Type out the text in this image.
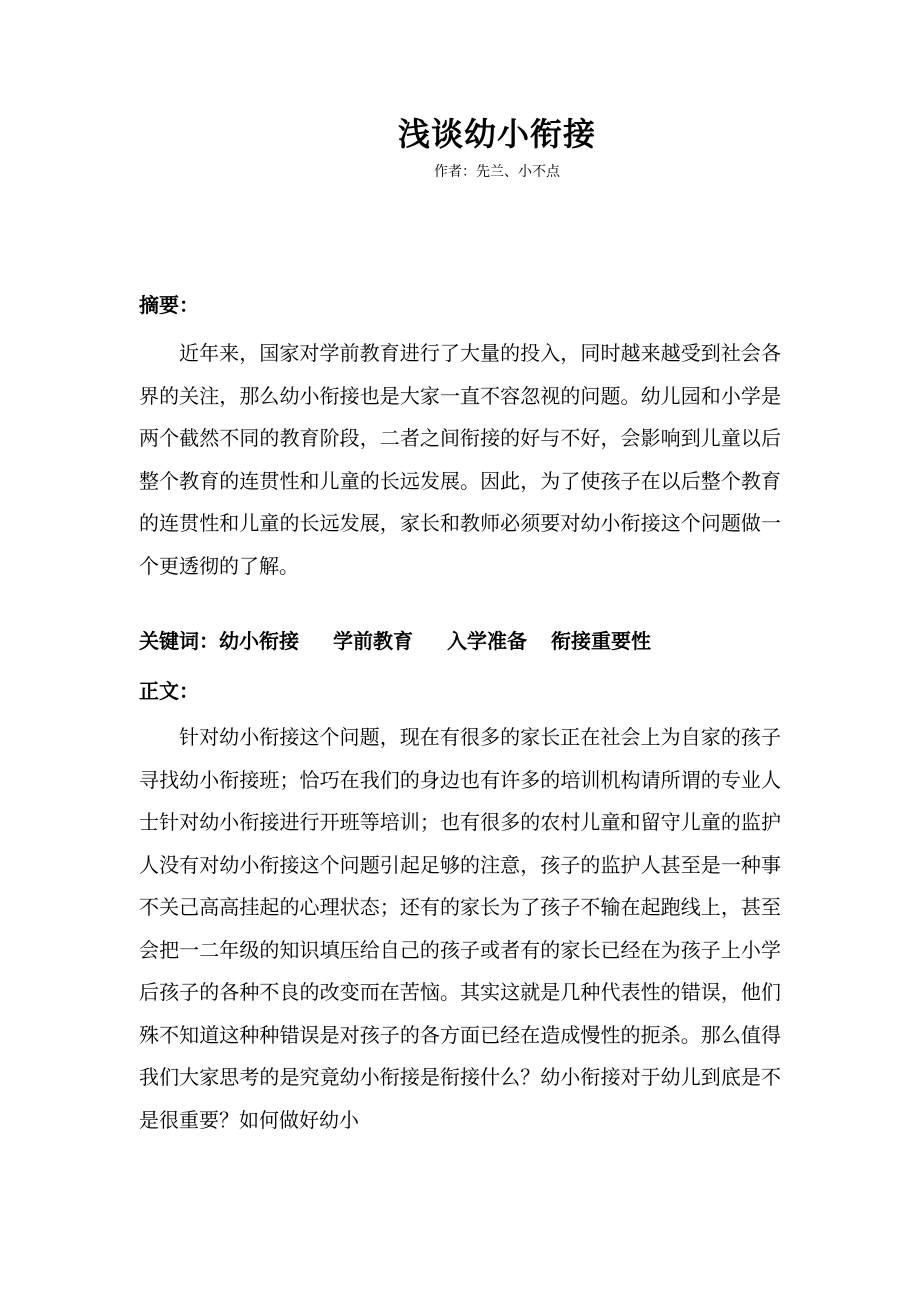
浅谈幼小衔接
作者：先兰、小不点
摘要：

近年来，国家对学前教育进行了大量的投入，同时越来越受到社会各界的关注，那么幼小衔接也是大家一直不容忽视的问题。幼儿园和小学是两个截然不同的教育阶段，二者之间衔接的好与不好，会影响到儿童以后整个教育的连贯性和儿童的长远发展。因此，为了使孩子在以后整个教育的连贯性和儿童的长远发展，家长和教师必须要对幼小衔接这个问题做一个更透彻的了解。

关键词：幼小衔接 学前教育 入学准备 衔接重要性
正文：

针对幼小衔接这个问题，现在有很多的家长正在社会上为自家的孩子寻找幼小衔接班；恰巧在我们的身边也有许多的培训机构请所谓的专业人士针对幼小衔接进行开班等培训；也有很多的农村儿童和留守儿童的监护人没有对幼小衔接这个问题引起足够的注意，孩子的监护人甚至是一种事不关己高高挂起的心理状态；还有的家长为了孩子不输在起跑线上，甚至会把一二年级的知识填压给自己的孩子或者有的家长已经在为孩子上小学后孩子的各种不良的改变而在苦恼。其实这就是几种代表性的错误，他们殊不知道这种种错误是对孩子的各方面已经在造成慢性的扼杀。那么值得我们大家思考的是究竟幼小衔接是衔接什么？幼小衔接对于幼儿到底是不是很重要？如何做好幼小
